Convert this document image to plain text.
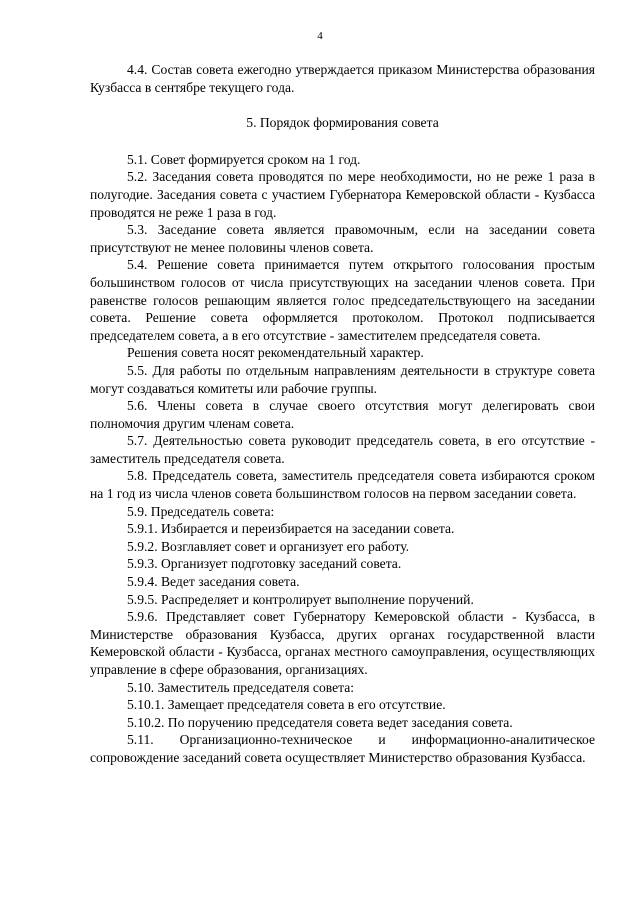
4

4.4. Состав совета ежегодно утверждается приказом Министерства образования Кузбасса в сентябре текущего года.

5. Порядок формирования совета

5.1. Совет формируется сроком на 1 год.

5.2. Заседания совета проводятся по мере необходимости, но не реже 1 раза в полугодие. Заседания совета с участием Губернатора Кемеровской области - Кузбасса проводятся не реже 1 раза в год.

5.3. Заседание совета является правомочным, если на заседании совета присутствуют не менее половины членов совета.

5.4. Решение совета принимается путем открытого голосования простым большинством голосов от числа присутствующих на заседании членов совета. При равенстве голосов решающим является голос председательствующего на заседании совета. Решение совета оформляется протоколом. Протокол подписывается председателем совета, а в его отсутствие - заместителем председателя совета.

Решения совета носят рекомендательный характер.

5.5. Для работы по отдельным направлениям деятельности в структуре совета могут создаваться комитеты или рабочие группы.

5.6. Члены совета в случае своего отсутствия могут делегировать свои полномочия другим членам совета.

5.7. Деятельностью совета руководит председатель совета, в его отсутствие - заместитель председателя совета.

5.8. Председатель совета, заместитель председателя совета избираются сроком на 1 год из числа членов совета большинством голосов на первом заседании совета.

5.9. Председатель совета:

5.9.1. Избирается и переизбирается на заседании совета.

5.9.2. Возглавляет совет и организует его работу.

5.9.3. Организует подготовку заседаний совета.

5.9.4. Ведет заседания совета.

5.9.5. Распределяет и контролирует выполнение поручений.

5.9.6. Представляет совет Губернатору Кемеровской области - Кузбасса, в Министерстве образования Кузбасса, других органах государственной власти Кемеровской области - Кузбасса, органах местного самоуправления, осуществляющих управление в сфере образования, организациях.

5.10. Заместитель председателя совета:

5.10.1. Замещает председателя совета в его отсутствие.

5.10.2. По поручению председателя совета ведет заседания совета.

5.11. Организационно-техническое и информационно-аналитическое сопровождение заседаний совета осуществляет Министерство образования Кузбасса.
